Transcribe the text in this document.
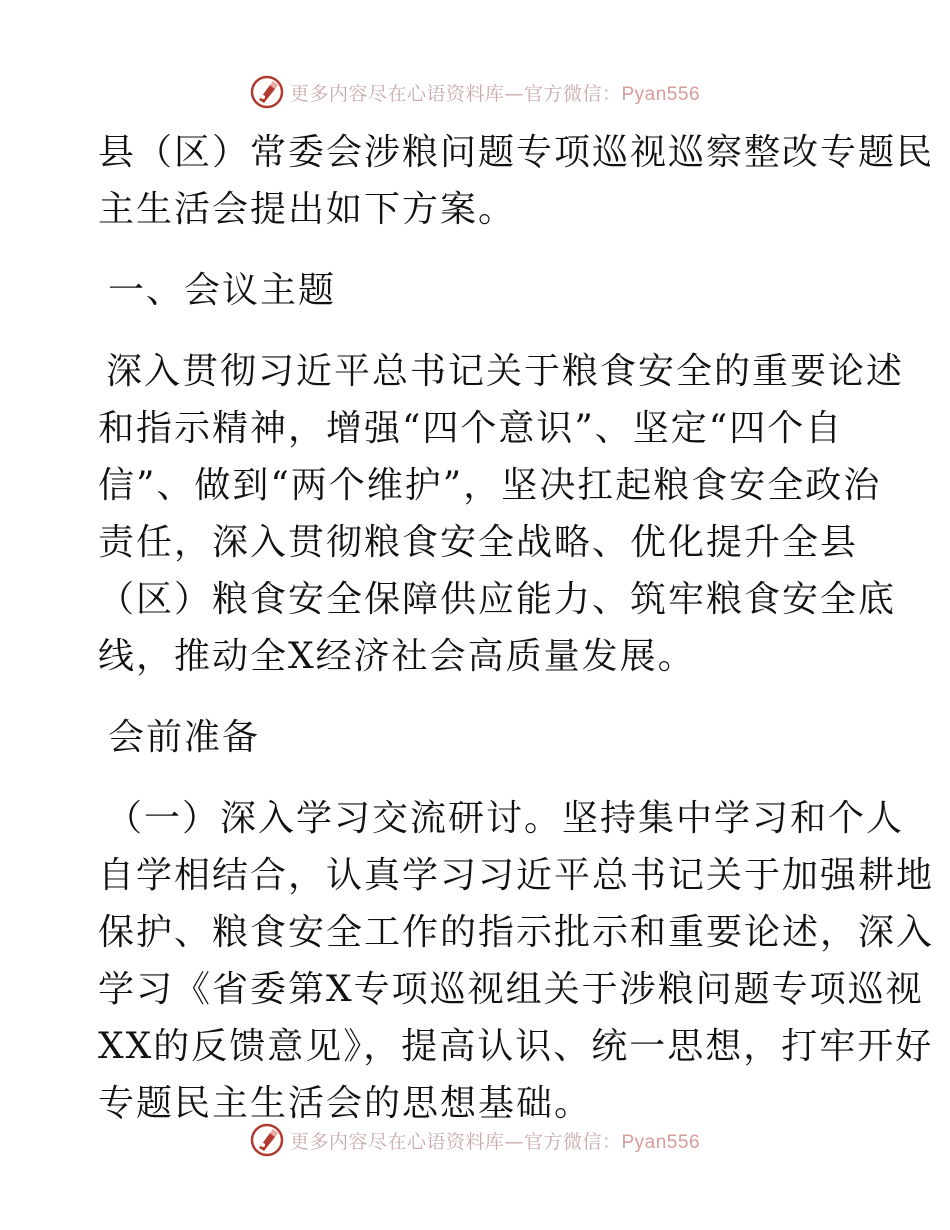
更多内容尽在心语资料库—官方微信：Pyan556

县（区）常委会涉粮问题专项巡视巡察整改专题民
主生活会提出如下方案。

一、会议主题

深入贯彻习近平总书记关于粮食安全的重要论述
和指示精神，增强“四个意识”、坚定“四个自
信”、做到“两个维护”，坚决扛起粮食安全政治
责任，深入贯彻粮食安全战略、优化提升全县
（区）粮食安全保障供应能力、筑牢粮食安全底
线，推动全X经济社会高质量发展。

会前准备

（一）深入学习交流研讨。坚持集中学习和个人
自学相结合，认真学习习近平总书记关于加强耕地
保护、粮食安全工作的指示批示和重要论述，深入
学习《省委第X专项巡视组关于涉粮问题专项巡视
XX的反馈意见》，提高认识、统一思想，打牢开好
专题民主生活会的思想基础。

更多内容尽在心语资料库—官方微信：Pyan556
